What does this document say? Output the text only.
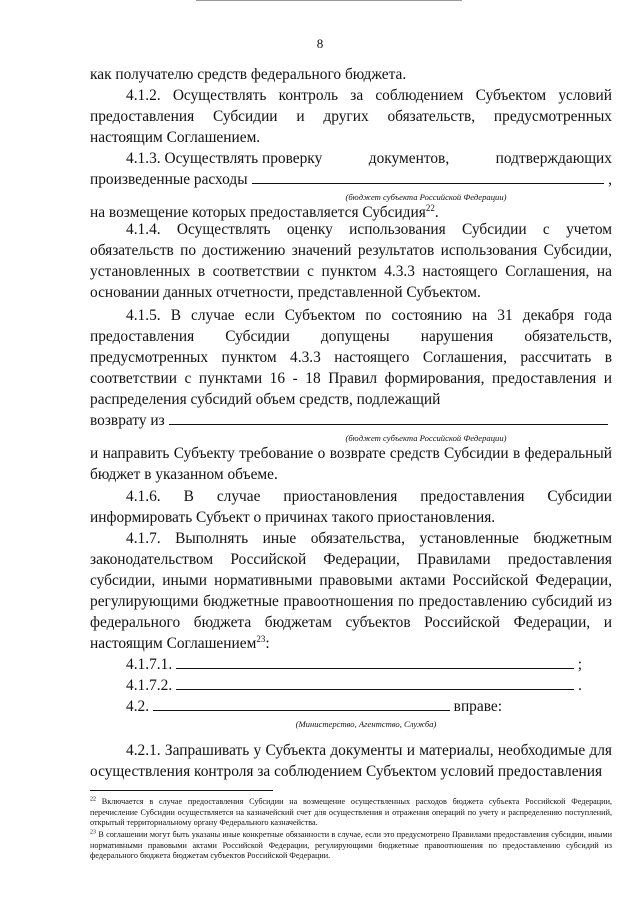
8
как получателю средств федерального бюджета.
4.1.2. Осуществлять контроль за соблюдением Субъектом условий предоставления Субсидии и других обязательств, предусмотренных настоящим Соглашением.
4.1.3. Осуществлять проверку	документов,	подтверждающих
произведенные расходы	,
(бюджет субъекта Российской Федерации)
на возмещение которых предоставляется Субсидия$^{22}$.
4.1.4. Осуществлять оценку использования Субсидии с учетом обязательств по достижению значений результатов использования Субсидии, установленных в соответствии с пунктом 4.3.3 настоящего Соглашения, на основании данных отчетности, представленной Субъектом.
4.1.5. В случае если Субъектом по состоянию на 31 декабря года предоставления Субсидии допущены нарушения обязательств, предусмотренных пунктом 4.3.3 настоящего Соглашения, рассчитать в соответствии с пунктами 16 - 18 Правил формирования, предоставления и распределения субсидий объем средств, подлежащий
возврату из
(бюджет субъекта Российской Федерации)
и направить Субъекту требование о возврате средств Субсидии в федеральный бюджет в указанном объеме.
4.1.6. В случае приостановления предоставления Субсидии информировать Субъект о причинах такого приостановления.
4.1.7. Выполнять иные обязательства, установленные бюджетным законодательством Российской Федерации, Правилами предоставления субсидии, иными нормативными правовыми актами Российской Федерации, регулирующими бюджетные правоотношения по предоставлению субсидий из федерального бюджета бюджетам субъектов Российской Федерации, и настоящим Соглашением$^{23}$:
4.1.7.1.	;
4.1.7.2.	.
4.2.	вправе:
(Министерство, Агентство, Служба)
4.2.1. Запрашивать у Субъекта документы и материалы, необходимые для осуществления контроля за соблюдением Субъектом условий предоставления
$^{22}$ Включается в случае предоставления Субсидии на возмещение осуществленных расходов бюджета субъекта Российской Федерации, перечисление Субсидии осуществляется на казначейский счет для осуществления и отражения операций по учету и распределению поступлений, открытый территориальному органу Федерального казначейства.
$^{23}$ В соглашении могут быть указаны иные конкретные обязанности в случае, если это предусмотрено Правилами предоставления субсидии, иными нормативными правовыми актами Российской Федерации, регулирующими бюджетные правоотношения по предоставлению субсидий из федерального бюджета бюджетам субъектов Российской Федерации.
